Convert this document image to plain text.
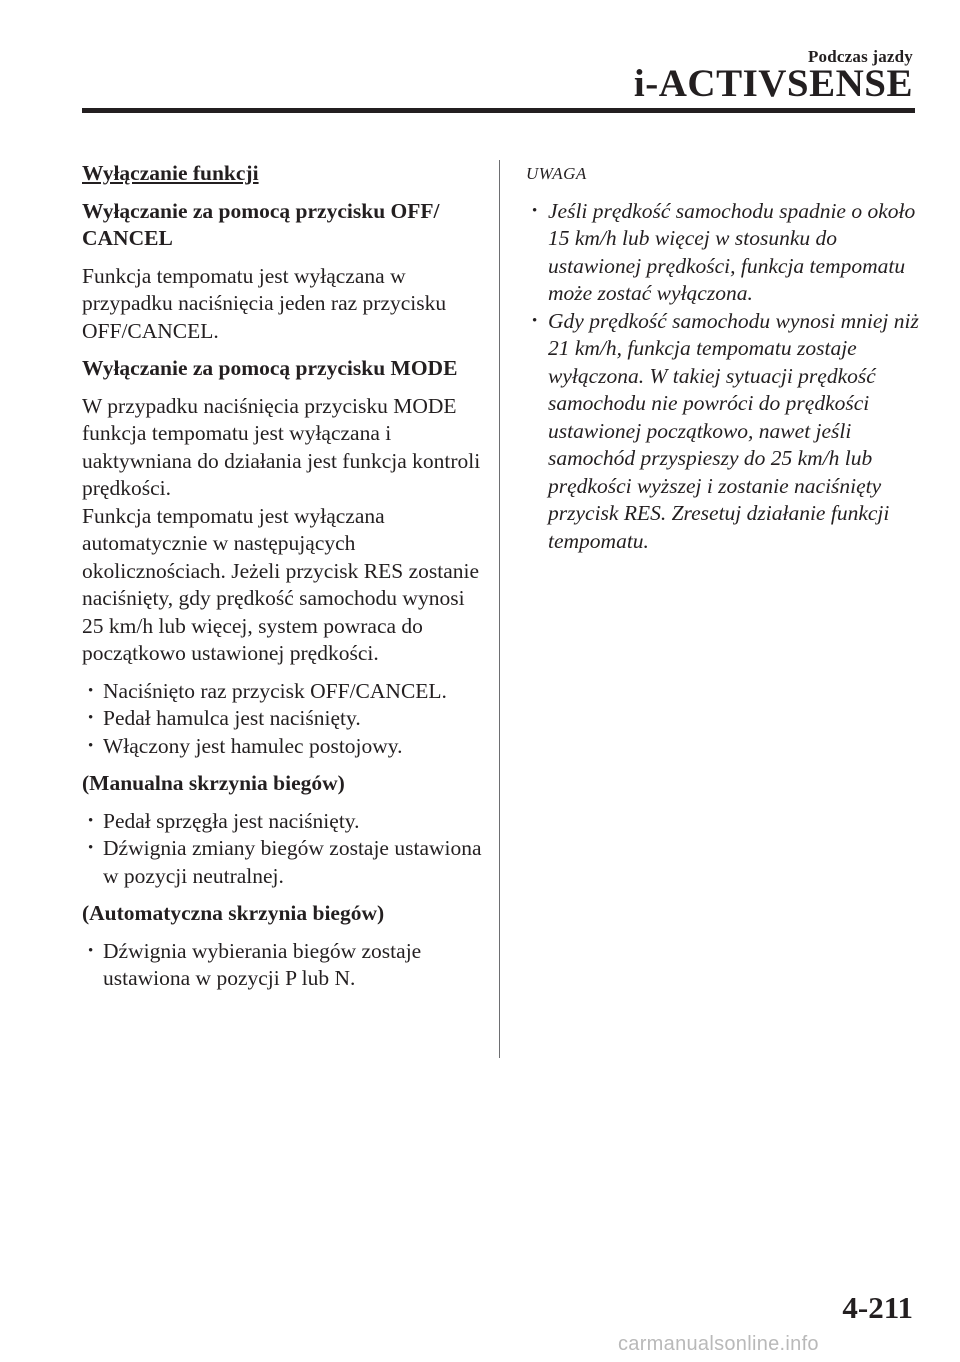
Podczas jazdy
i-ACTIVSENSE
Wyłączanie funkcji
Wyłączanie za pomocą przycisku OFF/ CANCEL

Funkcja tempomatu jest wyłączana w przypadku naciśnięcia jeden raz przycisku OFF/CANCEL.

Wyłączanie za pomocą przycisku MODE

W przypadku naciśnięcia przycisku MODE funkcja tempomatu jest wyłączana i uaktywniana do działania jest funkcja kontroli prędkości.

Funkcja tempomatu jest wyłączana automatycznie w następujących okolicznościach. Jeżeli przycisk RES zostanie naciśnięty, gdy prędkość samochodu wynosi 25 km/h lub więcej, system powraca do początkowo ustawionej prędkości.

• Naciśnięto raz przycisk OFF/CANCEL.
• Pedał hamulca jest naciśnięty.
• Włączony jest hamulec postojowy.
(Manualna skrzynia biegów)
• Pedał sprzęgła jest naciśnięty.
• Dźwignia zmiany biegów zostaje ustawiona w pozycji neutralnej.
(Automatyczna skrzynia biegów)
• Dźwignia wybierania biegów zostaje ustawiona w pozycji P lub N.
UWAGA
• Jeśli prędkość samochodu spadnie o około 15 km/h lub więcej w stosunku do ustawionej prędkości, funkcja tempomatu może zostać wyłączona.
• Gdy prędkość samochodu wynosi mniej niż 21 km/h, funkcja tempomatu zostaje wyłączona. W takiej sytuacji prędkość samochodu nie powróci do prędkości ustawionej początkowo, nawet jeśli samochód przyspieszy do 25 km/h lub prędkości wyższej i zostanie naciśnięty przycisk RES. Zresetuj działanie funkcji tempomatu.
4-211
carmanualsonline.info
